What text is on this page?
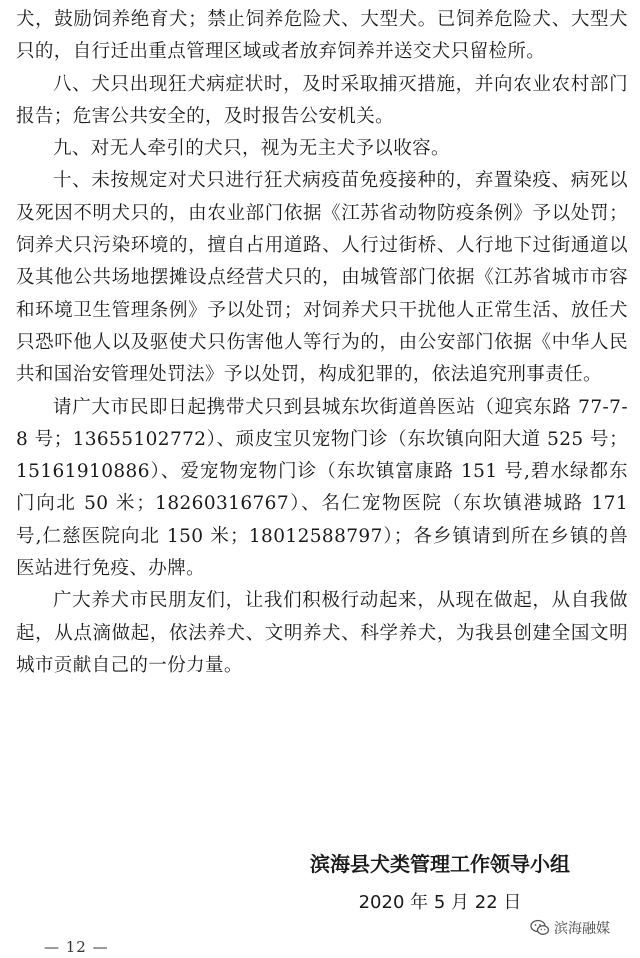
犬，鼓励饲养绝育犬；禁止饲养危险犬、大型犬。已饲养危险犬、大型犬只的，自行迁出重点管理区域或者放弃饲养并送交犬只留检所。

八、犬只出现狂犬病症状时，及时采取捕灭措施，并向农业农村部门报告；危害公共安全的，及时报告公安机关。

九、对无人牵引的犬只，视为无主犬予以收容。

十、未按规定对犬只进行狂犬病疫苗免疫接种的，弃置染疫、病死以及死因不明犬只的，由农业部门依据《江苏省动物防疫条例》予以处罚；饲养犬只污染环境的，擅自占用道路、人行过街桥、人行地下过街通道以及其他公共场地摆摊设点经营犬只的，由城管部门依据《江苏省城市市容和环境卫生管理条例》予以处罚；对饲养犬只干扰他人正常生活、放任犬只恐吓他人以及驱使犬只伤害他人等行为的，由公安部门依据《中华人民共和国治安管理处罚法》予以处罚，构成犯罪的，依法追究刑事责任。

请广大市民即日起携带犬只到县城东坎街道兽医站（迎宾东路 77-7-8 号；13655102772）、顽皮宝贝宠物门诊（东坎镇向阳大道 525 号；15161910886）、爱宠物宠物门诊（东坎镇富康路 151 号,碧水绿都东门向北 50 米；18260316767）、名仁宠物医院（东坎镇港城路 171 号,仁慈医院向北 150 米；18012588797）；各乡镇请到所在乡镇的兽医站进行免疫、办牌。

广大养犬市民朋友们，让我们积极行动起来，从现在做起，从自我做起，从点滴做起，依法养犬、文明养犬、科学养犬，为我县创建全国文明城市贡献自己的一份力量。

滨海县犬类管理工作领导小组
2020 年 5 月 22 日
— 12 —
滨海融媒
